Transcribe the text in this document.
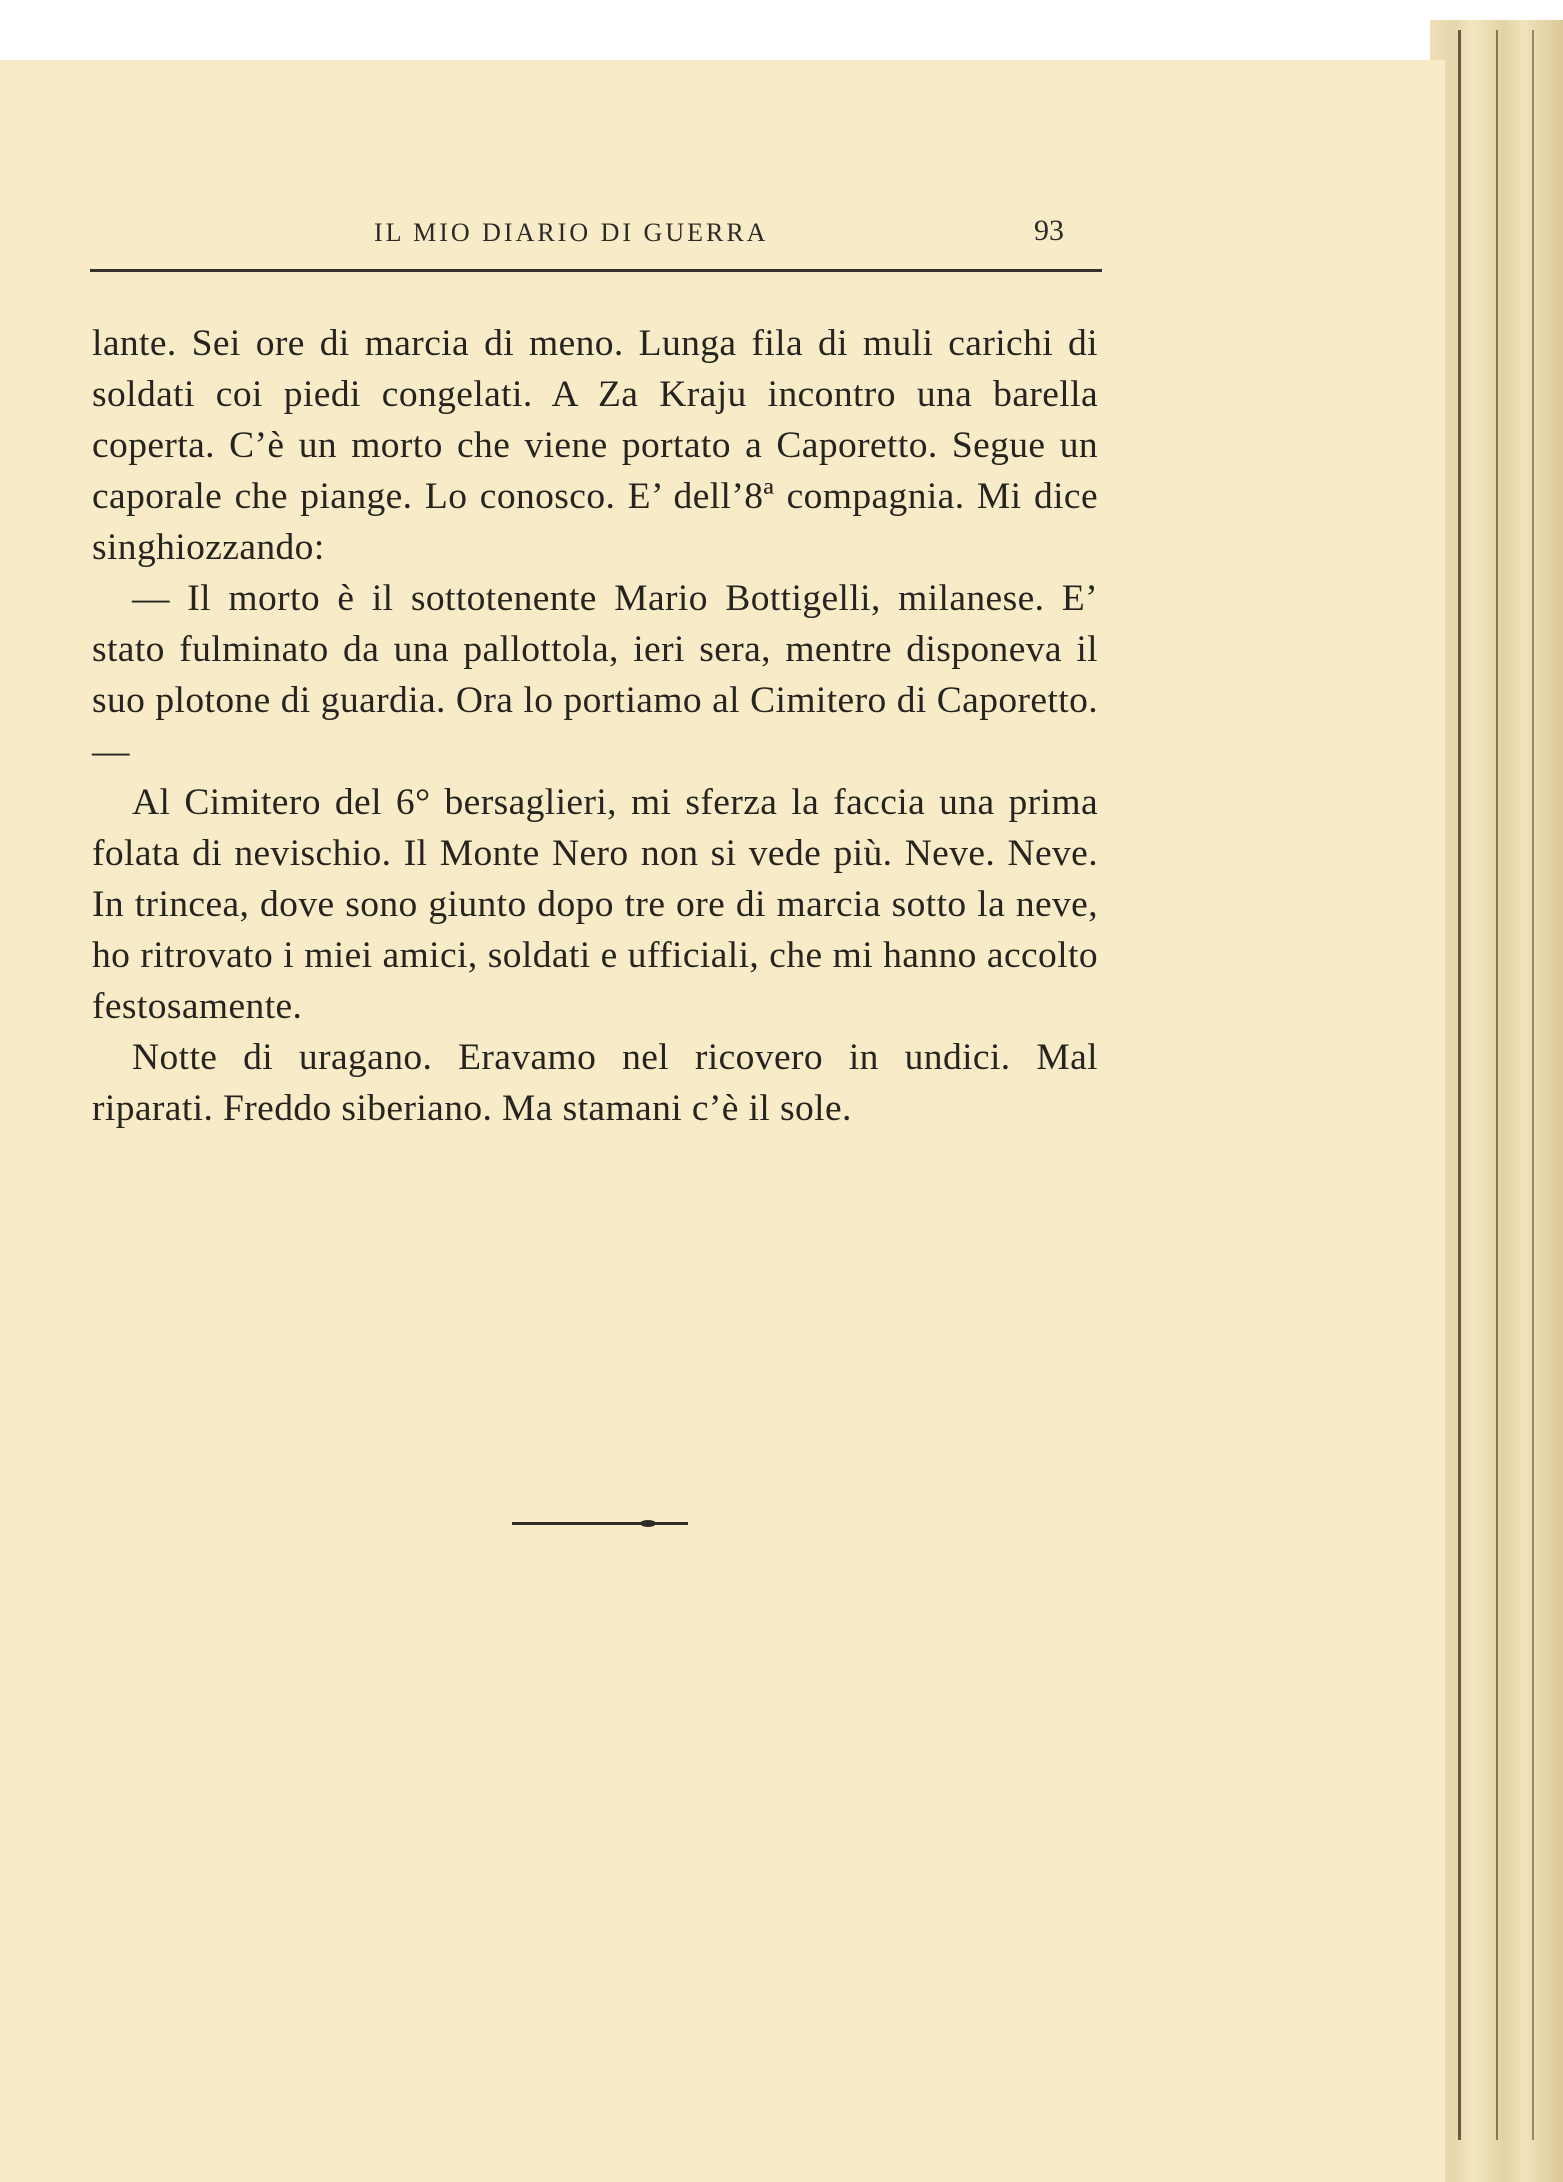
IL MIO DIARIO DI GUERRA	93

lante. Sei ore di marcia di meno. Lunga fila di muli carichi di soldati coi piedi congelati. A Za Kraju incontro una barella coperta. C’è un morto che viene portato a Caporetto. Segue un caporale che piange. Lo conosco. E’ dell’8ª compagnia. Mi dice singhiozzando:

— Il morto è il sottotenente Mario Bottigelli, milanese. E’ stato fulminato da una pallottola, ieri sera, mentre disponeva il suo plotone di guardia. Ora lo portiamo al Cimitero di Caporetto. —

Al Cimitero del 6° bersaglieri, mi sferza la faccia una prima folata di nevischio. Il Monte Nero non si vede più. Neve. Neve. In trincea, dove sono giunto dopo tre ore di marcia sotto la neve, ho ritrovato i miei amici, soldati e ufficiali, che mi hanno accolto festosamente.

Notte di uragano. Eravamo nel ricovero in undici. Mal riparati. Freddo siberiano. Ma stamani c’è il sole.
